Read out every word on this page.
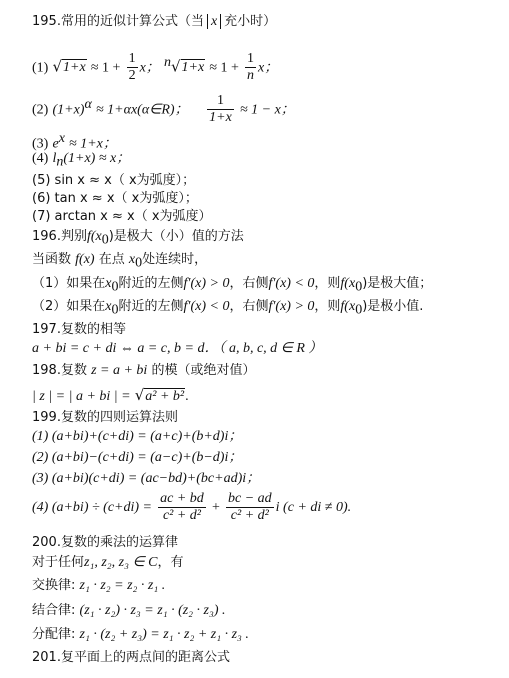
195.常用的近似计算公式（当 x 充小时）
(1) $√1+x \approx 1 + \frac{1}{2}$ x； $^n√1+x \approx 1 + \frac{1}{n}$ x；
(2) $(1+x)^\alpha$ ≈ 1+αx(α∈R)； $\frac{1}{1+x} \approx 1 - x$；
(3) $e^x \approx 1+x$；
(4) $l_n(1+x) \approx x$；
(5) sin x ≈ x（ x为弧度）；
(6) tan x ≈ x（ x为弧度）；
(7) arctan x ≈ x（ x为弧度）
196.判别$f(x_0)$是极大（小）值的方法
当函数 f(x) 在点 $x_0$处连续时，
（1）如果在$x_0$附近的左侧f′(x) > 0，右侧f′(x) < 0，则$f(x_0)$是极大值；
（2）如果在$x_0$附近的左侧f′(x) < 0，右侧f′(x) > 0，则$f(x_0)$是极小值.
197.复数的相等
a + bi = c + di ⇔ a = c, b = d．（ a, b, c, d ∈ R ）
198.复数 z = a + bi 的模（或绝对值）
| z | = | a + bi | = √a² + b².
199.复数的四则运算法则
(1) (a+bi)+(c+di) = (a+c)+(b+d)i；
(2) (a+bi)−(c+di) = (a−c)+(b−d)i；
(3) (a+bi)(c+di) = (ac−bd)+(bc+ad)i；
(4) $(a+bi) \div (c+di) = \frac{ac + bd}{\text{c² + d²}} + \frac{bc - ad}{\text{c² + d²}}$ i (c + di ≠ 0).
200.复数的乘法的运算律
对于任何z₁, z₂, z₃ ∈ C，有
交换律: z₁ · z₂ = z₂ · z₁ .
结合律: (z₁ · z₂) · z₃ = z₁ · (z₂ · z₃) .
分配律: z₁ · (z₂ + z₃) = z₁ · z₂ + z₁ · z₃ .
201.复平面上的两点间的距离公式
